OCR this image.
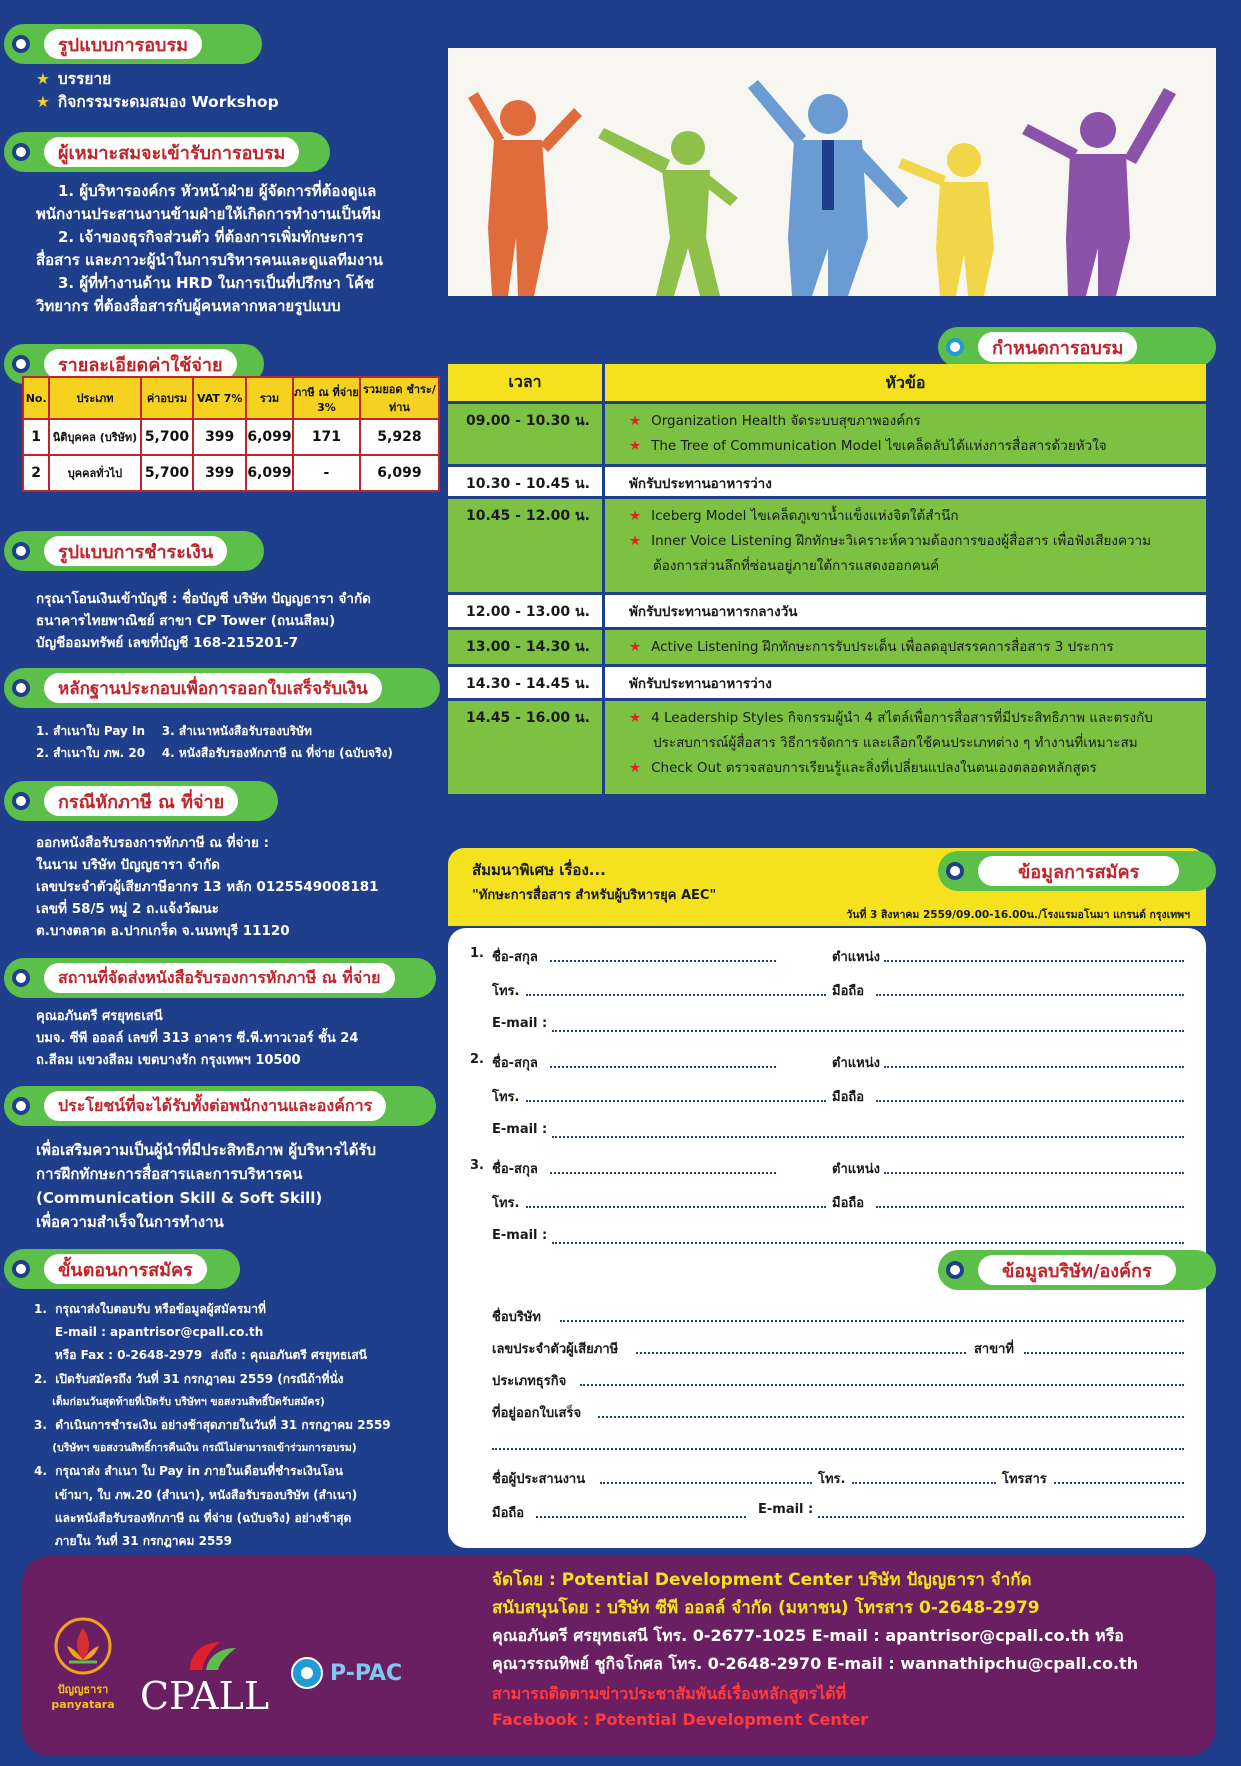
รูปแบบการอบรม
★ บรรยาย
★ กิจกรรมระดมสมอง Workshop
ผู้เหมาะสมจะเข้ารับการอบรม
1. ผู้บริหารองค์กร หัวหน้าฝ่าย ผู้จัดการที่ต้องดูแล
พนักงานประสานงานข้ามฝ่ายให้เกิดการทำงานเป็นทีม
2. เจ้าของธุรกิจส่วนตัว ที่ต้องการเพิ่มทักษะการ
สื่อสาร และภาวะผู้นำในการบริหารคนและดูแลทีมงาน
3. ผู้ที่ทำงานด้าน HRD ในการเป็นที่ปรึกษา โค้ช
วิทยากร ที่ต้องสื่อสารกับผู้คนหลากหลายรูปแบบ
รายละเอียดค่าใช้จ่าย
No.	ประเภท	ค่าอบรม	VAT 7%	รวม	ภาษี ณ ที่จ่าย 3%	รวมยอด ชำระ/ท่าน
1	นิติบุคคล (บริษัท)	5,700	399	6,099	171	5,928
2	บุคคลทั่วไป	5,700	399	6,099	-	6,099
รูปแบบการชำระเงิน
กรุณาโอนเงินเข้าบัญชี : ชื่อบัญชี บริษัท ปัญญธารา จำกัด
ธนาคารไทยพาณิชย์ สาขา CP Tower (ถนนสีลม)
บัญชีออมทรัพย์ เลขที่บัญชี 168-215201-7
หลักฐานประกอบเพื่อการออกใบเสร็จรับเงิน
1. สำเนาใบ Pay In    3. สำเนาหนังสือรับรองบริษัท
2. สำเนาใบ ภพ. 20    4. หนังสือรับรองหักภาษี ณ ที่จ่าย (ฉบับจริง)
กรณีหักภาษี ณ ที่จ่าย
ออกหนังสือรับรองการหักภาษี ณ ที่จ่าย :
ในนาม บริษัท ปัญญธารา จำกัด
เลขประจำตัวผู้เสียภาษีอากร 13 หลัก 0125549008181
เลขที่ 58/5 หมู่ 2 ถ.แจ้งวัฒนะ
ต.บางตลาด อ.ปากเกร็ด จ.นนทบุรี 11120
สถานที่จัดส่งหนังสือรับรองการหักภาษี ณ ที่จ่าย
คุณอภันตรี ศรยุทธเสนี
บมจ. ซีพี ออลล์ เลขที่ 313 อาคาร ซี.พี.ทาวเวอร์ ชั้น 24
ถ.สีลม แขวงสีลม เขตบางรัก กรุงเทพฯ 10500
ประโยชน์ที่จะได้รับทั้งต่อพนักงานและองค์การ
เพื่อเสริมความเป็นผู้นำที่มีประสิทธิภาพ ผู้บริหารได้รับ
การฝึกทักษะการสื่อสารและการบริหารคน
(Communication Skill & Soft Skill)
เพื่อความสำเร็จในการทำงาน
ขั้นตอนการสมัคร
1.  กรุณาส่งใบตอบรับ หรือข้อมูลผู้สมัครมาที่
E-mail : apantrisor@cpall.co.th
หรือ Fax : 0-2648-2979  ส่งถึง : คุณอภันตรี ศรยุทธเสนี
2.  เปิดรับสมัครถึง วันที่ 31 กรกฎาคม 2559 (กรณีถ้าที่นั่ง
เต็มก่อนวันสุดท้ายที่เปิดรับ บริษัทฯ ขอสงวนสิทธิ์ปิดรับสมัคร)
3.  ดำเนินการชำระเงิน อย่างช้าสุดภายในวันที่ 31 กรกฎาคม 2559
(บริษัทฯ ขอสงวนสิทธิ์การคืนเงิน กรณีไม่สามารถเข้าร่วมการอบรม)
4.  กรุณาส่ง สำเนา ใบ Pay in ภายในเดือนที่ชำระเงินโอน
เข้ามา, ใบ ภพ.20 (สำเนา), หนังสือรับรองบริษัท (สำเนา)
และหนังสือรับรองหักภาษี ณ ที่จ่าย (ฉบับจริง) อย่างช้าสุด
ภายใน วันที่ 31 กรกฎาคม 2559
กำหนดการอบรม
เวลา	หัวข้อ
09.00 - 10.30 น.	★ Organization Health จัดระบบสุขภาพองค์กร
★ The Tree of Communication Model ไขเคล็ดลับได้แห่งการสื่อสารด้วยหัวใจ
10.30 - 10.45 น.	พักรับประทานอาหารว่าง
10.45 - 12.00 น.	★ Iceberg Model ไขเคล็ดภูเขาน้ำแข็งแห่งจิตใต้สำนึก
★ Inner Voice Listening ฝึกทักษะวิเคราะห์ความต้องการของผู้สื่อสาร เพื่อฟังเสียงความ
ต้องการส่วนลึกที่ซ่อนอยู่ภายใต้การแสดงออกคนค์
12.00 - 13.00 น.	พักรับประทานอาหารกลางวัน
13.00 - 14.30 น.	★ Active Listening ฝึกทักษะการรับประเด็น เพื่อลดอุปสรรคการสื่อสาร 3 ประการ
14.30 - 14.45 น.	พักรับประทานอาหารว่าง
14.45 - 16.00 น.	★ 4 Leadership Styles กิจกรรมผู้นำ 4 สไตล์เพื่อการสื่อสารที่มีประสิทธิภาพ และตรงกับ
ประสบการณ์ผู้สื่อสาร วิธีการจัดการ และเลือกใช้คนประเภทต่าง ๆ ทำงานที่เหมาะสม
★ Check Out ตรวจสอบการเรียนรู้และสิ่งที่เปลี่ยนแปลงในตนเองตลอดหลักสูตร
สัมมนาพิเศษ เรื่อง...
"ทักษะการสื่อสาร สำหรับผู้บริหารยุค AEC"
วันที่ 3 สิงหาคม 2559/09.00-16.00น./โรงแรมอโนมา แกรนด์ กรุงเทพฯ
ข้อมูลการสมัคร
1. ชื่อ-สกุล	ตำแหน่ง
โทร.	มือถือ
E-mail :
2. ชื่อ-สกุล	ตำแหน่ง
โทร.	มือถือ
E-mail :
3. ชื่อ-สกุล	ตำแหน่ง
โทร.	มือถือ
E-mail :
ชื่อบริษัท
เลขประจำตัวผู้เสียภาษี	สาขาที่
ประเภทธุรกิจ
ที่อยู่ออกใบเสร็จ
ชื่อผู้ประสานงาน	โทร.	โทรสาร
มือถือ	E-mail :
ข้อมูลบริษัท/องค์กร
ปัญญธารา
panyatara CPALL
P-PAC
จัดโดย : Potential Development Center บริษัท ปัญญธารา จำกัด
สนับสนุนโดย : บริษัท ซีพี ออลล์ จำกัด (มหาชน) โทรสาร 0-2648-2979
คุณอภันตรี ศรยุทธเสนี โทร. 0-2677-1025 E-mail : apantrisor@cpall.co.th หรือ
คุณวรรณทิพย์ ชูกิจโกศล โทร. 0-2648-2970 E-mail : wannathipchu@cpall.co.th
สามารถติดตามข่าวประชาสัมพันธ์เรื่องหลักสูตรได้ที่
Facebook : Potential Development Center
